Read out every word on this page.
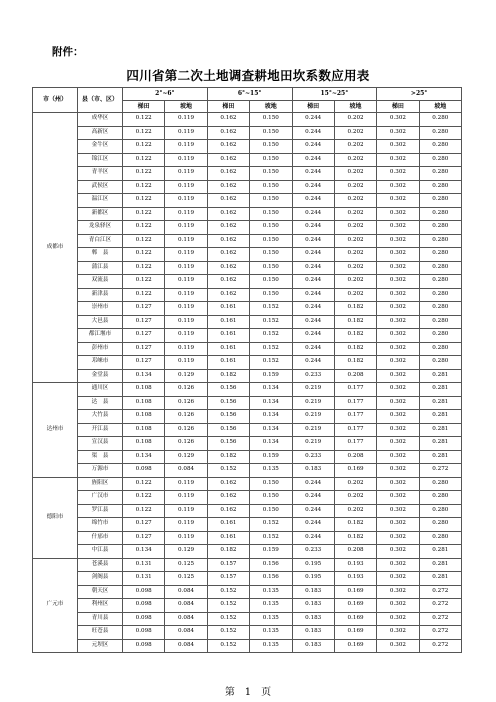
附件：
四川省第二次土地调查耕地田坎系数应用表
市（州）	县（市、区）	2°~6°		6°~15°		15°~25°		>25°	
		梯田	坡地	梯田	坡地	梯田	坡地	梯田	坡地
成都市	成华区	0.122	0.119	0.162	0.150	0.244	0.202	0.302	0.280
	高新区	0.122	0.119	0.162	0.150	0.244	0.202	0.302	0.280
	金牛区	0.122	0.119	0.162	0.150	0.244	0.202	0.302	0.280
	锦江区	0.122	0.119	0.162	0.150	0.244	0.202	0.302	0.280
	青羊区	0.122	0.119	0.162	0.150	0.244	0.202	0.302	0.280
	武侯区	0.122	0.119	0.162	0.150	0.244	0.202	0.302	0.280
	温江区	0.122	0.119	0.162	0.150	0.244	0.202	0.302	0.280
	新都区	0.122	0.119	0.162	0.150	0.244	0.202	0.302	0.280
	龙泉驿区	0.122	0.119	0.162	0.150	0.244	0.202	0.302	0.280
	青白江区	0.122	0.119	0.162	0.150	0.244	0.202	0.302	0.280
	郫　县	0.122	0.119	0.162	0.150	0.244	0.202	0.302	0.280
	蒲江县	0.122	0.119	0.162	0.150	0.244	0.202	0.302	0.280
	双流县	0.122	0.119	0.162	0.150	0.244	0.202	0.302	0.280
	新津县	0.122	0.119	0.162	0.150	0.244	0.202	0.302	0.280
	崇州市	0.127	0.119	0.161	0.152	0.244	0.182	0.302	0.280
	大邑县	0.127	0.119	0.161	0.152	0.244	0.182	0.302	0.280
	都江堰市	0.127	0.119	0.161	0.152	0.244	0.182	0.302	0.280
	彭州市	0.127	0.119	0.161	0.152	0.244	0.182	0.302	0.280
	邛崃市	0.127	0.119	0.161	0.152	0.244	0.182	0.302	0.280
	金堂县	0.134	0.129	0.182	0.159	0.233	0.208	0.302	0.281
达州市	通川区	0.108	0.126	0.156	0.134	0.219	0.177	0.302	0.281
	达　县	0.108	0.126	0.156	0.134	0.219	0.177	0.302	0.281
	大竹县	0.108	0.126	0.156	0.134	0.219	0.177	0.302	0.281
	开江县	0.108	0.126	0.156	0.134	0.219	0.177	0.302	0.281
	宣汉县	0.108	0.126	0.156	0.134	0.219	0.177	0.302	0.281
	渠　县	0.134	0.129	0.182	0.159	0.233	0.208	0.302	0.281
	万源市	0.098	0.084	0.152	0.135	0.183	0.169	0.302	0.272
德阳市	旌阳区	0.122	0.119	0.162	0.150	0.244	0.202	0.302	0.280
	广汉市	0.122	0.119	0.162	0.150	0.244	0.202	0.302	0.280
	罗江县	0.122	0.119	0.162	0.150	0.244	0.202	0.302	0.280
	绵竹市	0.127	0.119	0.161	0.152	0.244	0.182	0.302	0.280
	什邡市	0.127	0.119	0.161	0.152	0.244	0.182	0.302	0.280
	中江县	0.134	0.129	0.182	0.159	0.233	0.208	0.302	0.281
广元市	苍溪县	0.131	0.125	0.157	0.156	0.195	0.193	0.302	0.281
	剑阁县	0.131	0.125	0.157	0.156	0.195	0.193	0.302	0.281
	朝天区	0.098	0.084	0.152	0.135	0.183	0.169	0.302	0.272
	利州区	0.098	0.084	0.152	0.135	0.183	0.169	0.302	0.272
	青川县	0.098	0.084	0.152	0.135	0.183	0.169	0.302	0.272
	旺苍县	0.098	0.084	0.152	0.135	0.183	0.169	0.302	0.272
	元坝区	0.098	0.084	0.152	0.135	0.183	0.169	0.302	0.272
第　1　页
